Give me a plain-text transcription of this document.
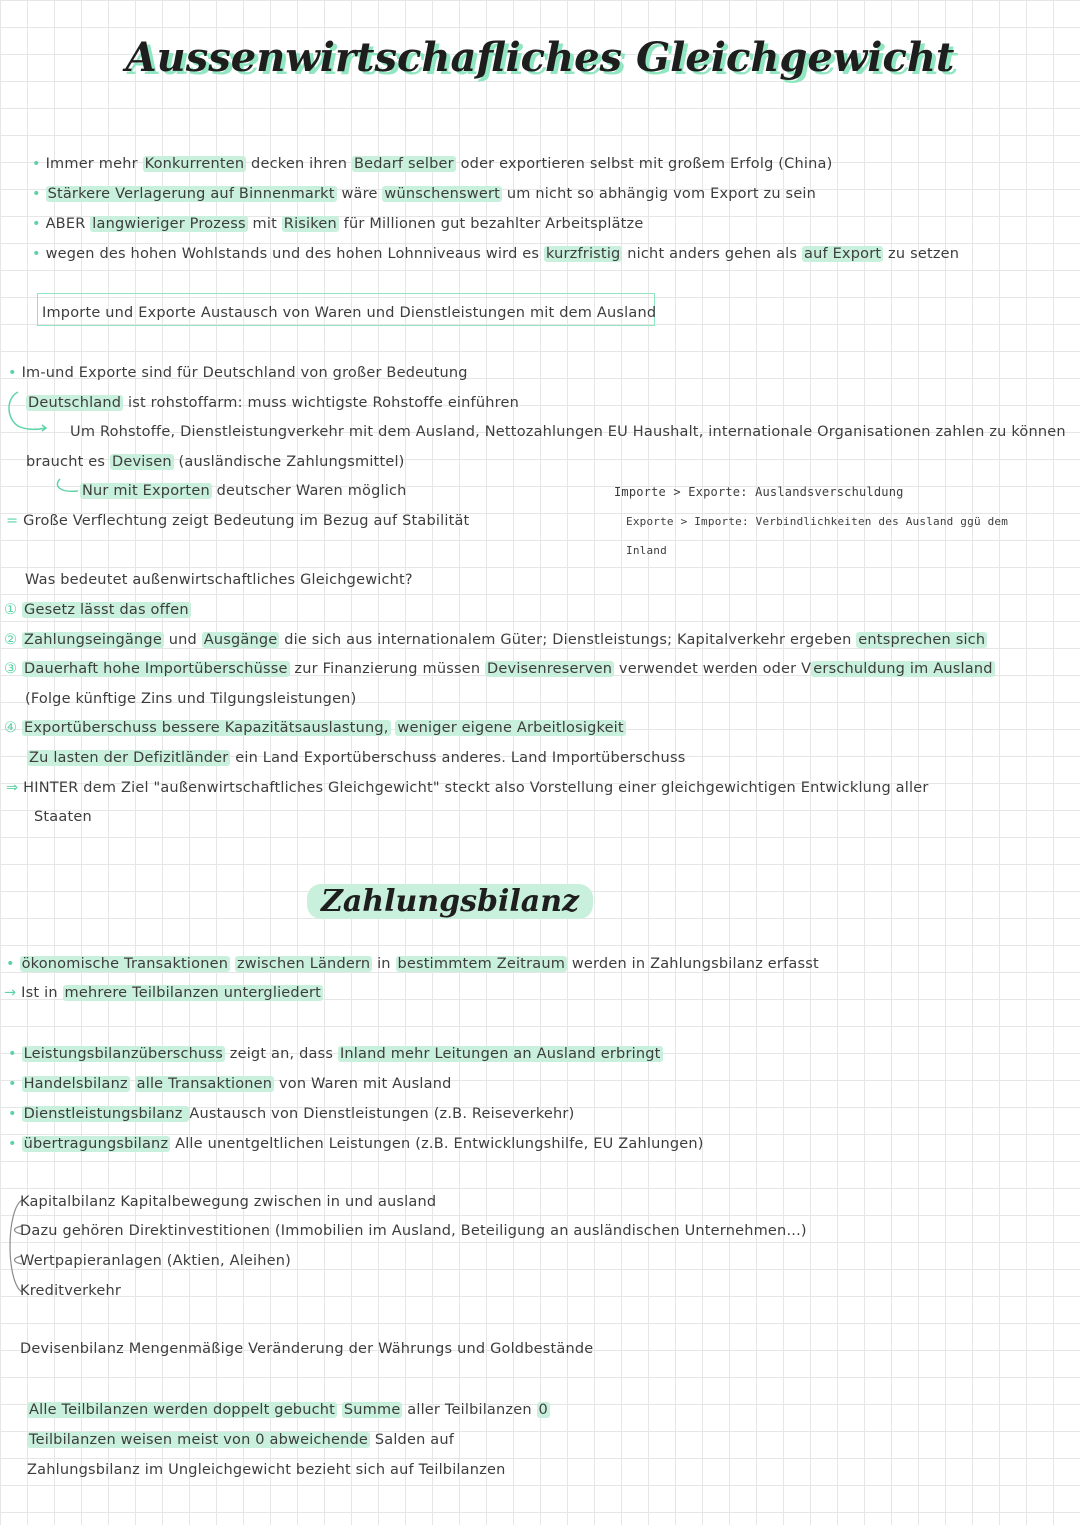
Aussenwirtschafliches Gleichgewicht
Importe und Exporte Austausch von Waren und Dienstleistungen mit dem Ausland
Importe > Exporte: Auslandsverschuldung
Exporte > Importe: Verbindlichkeiten des Ausland ggü dem
Inland
Was bedeutet außenwirtschaftliches Gleichgewicht?
Zahlungsbilanz
Devisenbilanz Mengenmäßige Veränderung der Währungs und Goldbestände
• Immer mehr Konkurrenten decken ihren Bedarf selber oder exportieren selbst mit großem Erfolg (China)
• Stärkere Verlagerung auf Binnenmarkt wäre wünschenswert um nicht so abhängig vom Export zu sein
• ABER langwieriger Prozess mit Risiken für Millionen gut bezahlter Arbeitsplätze
• wegen des hohen Wohlstands und des hohen Lohnniveaus wird es kurzfristig nicht anders gehen als auf Export zu setzen
• Im-und Exporte sind für Deutschland von großer Bedeutung
Deutschland ist rohstoffarm: muss wichtigste Rohstoffe einführen
Um Rohstoffe, Dienstleistungverkehr mit dem Ausland, Nettozahlungen EU Haushalt, internationale Organisationen zahlen zu können
braucht es Devisen (ausländische Zahlungsmittel)
Nur mit Exporten deutscher Waren möglich
= Große Verflechtung zeigt Bedeutung im Bezug auf Stabilität
① Gesetz lässt das offen
② Zahlungseingänge und Ausgänge die sich aus internationalem Güter; Dienstleistungs; Kapitalverkehr ergeben entsprechen sich
③ Dauerhaft hohe Importüberschüsse zur Finanzierung müssen Devisenreserven verwendet werden oder V erschuldung im Ausland
(Folge künftige Zins und Tilgungsleistungen)
④ Exportüberschuss bessere Kapazitätsauslastung, weniger eigene Arbeitlosigkeit
Zu lasten der Defizitländer ein Land Exportüberschuss anderes. Land Importüberschuss
⇒ HINTER dem Ziel "außenwirtschaftliches Gleichgewicht" steckt also Vorstellung einer gleichgewichtigen Entwicklung aller
Staaten
• ökonomische Transaktionen zwischen Ländern in bestimmtem Zeitraum werden in Zahlungsbilanz erfasst
→ Ist in mehrere Teilbilanzen untergliedert
• Leistungsbilanzüberschuss zeigt an, dass Inland mehr Leitungen an Ausland erbringt
• Handelsbilanz alle Transaktionen von Waren mit Ausland
• Dienstleistungsbilanz Austausch von Dienstleistungen (z.B. Reiseverkehr)
• übertragungsbilanz Alle unentgeltlichen Leistungen (z.B. Entwicklungshilfe, EU Zahlungen)
Kapitalbilanz Kapitalbewegung zwischen in und ausland
Dazu gehören Direktinvestitionen (Immobilien im Ausland, Beteiligung an ausländischen Unternehmen...)
Wertpapieranlagen (Aktien, Aleihen)
Kreditverkehr
Alle Teilbilanzen werden doppelt gebucht Summe aller Teilbilanzen 0
Teilbilanzen weisen meist von 0 abweichende Salden auf
Zahlungsbilanz im Ungleichgewicht bezieht sich auf Teilbilanzen
